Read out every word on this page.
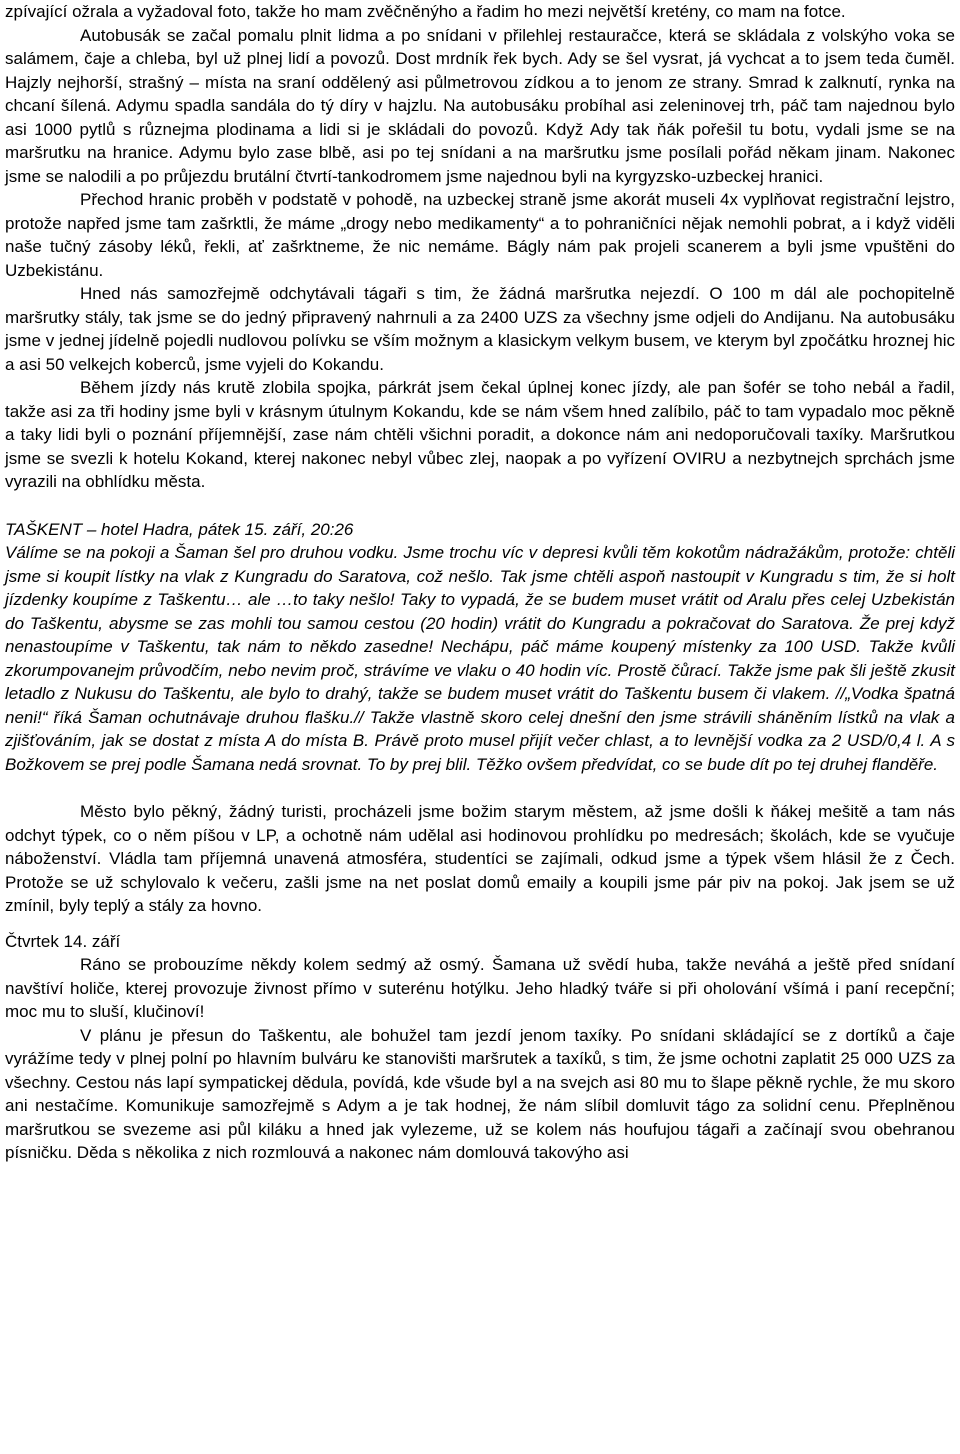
zpívající ožrala a vyžadoval foto, takže ho mam zvěčněnýho a řadim ho mezi největší kretény, co mam na fotce.

Autobusák se začal pomalu plnit lidma a po snídani v přilehlej restauračce, která se skládala z volskýho voka se salámem, čaje a chleba, byl už plnej lidí a povozů. Dost mrdník řek bych. Ady se šel vysrat, já vychcat a to jsem teda čuměl. Hajzly nejhorší, strašný – místa na sraní oddělený asi půlmetrovou zídkou a to jenom ze strany. Smrad k zalknutí, rynka na chcaní šílená. Adymu spadla sandála do tý díry v hajzlu. Na autobusáku probíhal asi zeleninovej trh, páč tam najednou bylo asi 1000 pytlů s různejma plodinama a lidi si je skládali do povozů. Když Ady tak ňák pořešil tu botu, vydali jsme se na maršrutku na hranice. Adymu bylo zase blbě, asi po tej snídani a na maršrutku jsme posílali pořád někam jinam. Nakonec jsme se nalodili a po průjezdu brutální čtvrtí-tankodromem jsme najednou byli na kyrgyzsko-uzbeckej hranici.

Přechod hranic proběh v podstatě v pohodě, na uzbeckej straně jsme akorát museli 4x vyplňovat registrační lejstro, protože napřed jsme tam zašrktli, že máme „drogy nebo medikamenty“ a to pohraničníci nějak nemohli pobrat, a i když viděli naše tučný zásoby léků, řekli, ať zašrktneme, že nic nemáme. Bágly nám pak projeli scanerem a byli jsme vpuštěni do Uzbekistánu.

Hned nás samozřejmě odchytávali tágaři s tim, že žádná maršrutka nejezdí. O 100 m dál ale pochopitelně maršrutky stály, tak jsme se do jedný připravený nahrnuli a za 2400 UZS za všechny jsme odjeli do Andijanu. Na autobusáku jsme v jednej jídelně pojedli nudlovou polívku se vším možnym a klasickym velkym busem, ve kterym byl zpočátku hroznej hic a asi 50 velkejch koberců, jsme vyjeli do Kokandu.

Během jízdy nás krutě zlobila spojka, párkrát jsem čekal úplnej konec jízdy, ale pan šofér se toho nebál a řadil, takže asi za tři hodiny jsme byli v krásnym útulnym Kokandu, kde se nám všem hned zalíbilo, páč to tam vypadalo moc pěkně a taky lidi byli o poznání příjemnější, zase nám chtěli všichni poradit, a dokonce nám ani nedoporučovali taxíky. Maršrutkou jsme se svezli k hotelu Kokand, kterej nakonec nebyl vůbec zlej, naopak a po vyřízení OVIRU a nezbytnejch sprchách jsme vyrazili na obhlídku města.

TAŠKENT – hotel Hadra, pátek 15. září, 20:26

Válíme se na pokoji a Šaman šel pro druhou vodku. Jsme trochu víc v depresi kvůli těm kokotům nádražákům, protože: chtěli jsme si koupit lístky na vlak z Kungradu do Saratova, což nešlo. Tak jsme chtěli aspoň nastoupit v Kungradu s tim, že si holt jízdenky koupíme z Taškentu… ale …to taky nešlo! Taky to vypadá, že se budem muset vrátit od Aralu přes celej Uzbekistán do Taškentu, abysme se zas mohli tou samou cestou (20 hodin) vrátit do Kungradu a pokračovat do Saratova. Že prej když nenastoupíme v Taškentu, tak nám to někdo zasedne! Nechápu, páč máme koupený místenky za 100 USD. Takže kvůli zkorumpovanejm průvodčím, nebo nevim proč, strávíme ve vlaku o 40 hodin víc. Prostě čůrací. Takže jsme pak šli ještě zkusit letadlo z Nukusu do Taškentu, ale bylo to drahý, takže se budem muset vrátit do Taškentu busem či vlakem. //„Vodka špatná neni!“ říká Šaman ochutnávaje druhou flašku.// Takže vlastně skoro celej dnešní den jsme strávili sháněním lístků na vlak a zjišťováním, jak se dostat z místa A do místa B. Právě proto musel přijít večer chlast, a to levnější vodka za 2 USD/0,4 l. A s Božkovem se prej podle Šamana nedá srovnat. To by prej blil. Těžko ovšem předvídat, co se bude dít po tej druhej flanděře.

Město bylo pěkný, žádný turisti, procházeli jsme božim starym městem, až jsme došli k ňákej mešitě a tam nás odchyt týpek, co o něm píšou v LP, a ochotně nám udělal asi hodinovou prohlídku po medresách; školách, kde se vyučuje náboženství. Vládla tam příjemná unavená atmosféra, studentíci se zajímali, odkud jsme a týpek všem hlásil že z Čech. Protože se už schylovalo k večeru, zašli jsme na net poslat domů emaily a koupili jsme pár piv na pokoj. Jak jsem se už zmínil, byly teplý a stály za hovno.

Čtvrtek 14. září

Ráno se probouzíme někdy kolem sedmý až osmý. Šamana už svědí huba, takže neváhá a ještě před snídaní navštíví holiče, kterej provozuje živnost přímo v suterénu hotýlku. Jeho hladký tváře si při oholování všímá i paní recepční; moc mu to sluší, klučinoví!

V plánu je přesun do Taškentu, ale bohužel tam jezdí jenom taxíky. Po snídani skládající se z dortíků a čaje vyrážíme tedy v plnej polní po hlavním bulváru ke stanovišti maršrutek a taxíků, s tim, že jsme ochotni zaplatit 25 000 UZS za všechny. Cestou nás lapí sympatickej dědula, povídá, kde všude byl a na svejch asi 80 mu to šlape pěkně rychle, že mu skoro ani nestačíme. Komunikuje samozřejmě s Adym a je tak hodnej, že nám slíbil domluvit tágo za solidní cenu. Přeplněnou maršrutkou se svezeme asi půl kiláku a hned jak vylezeme, už se kolem nás houfujou tágaři a začínají svou obehranou písničku. Děda s několika z nich rozmlouvá a nakonec nám domlouvá takovýho asi
